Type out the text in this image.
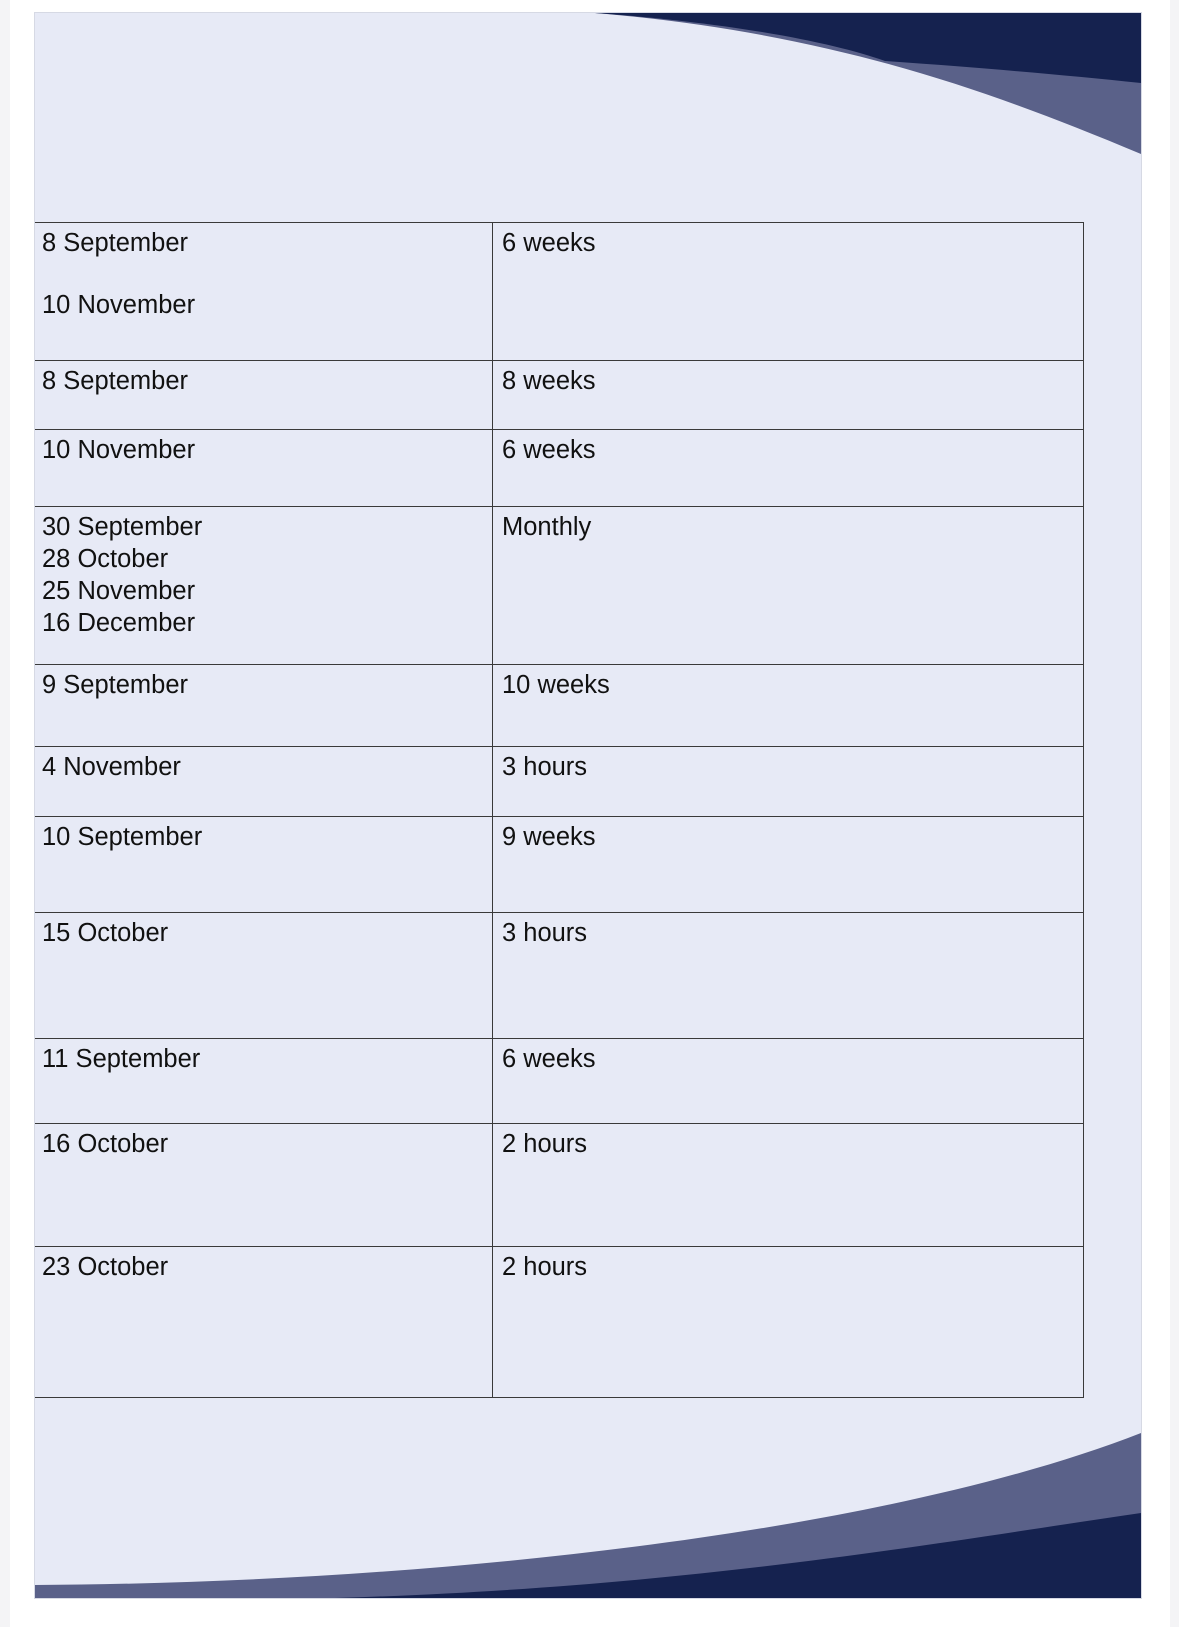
8 September
10 November	6 weeks

8 September	8 weeks

10 November	6 weeks

30 September
28 October
25 November
16 December	Monthly

9 September	10 weeks

4 November	3 hours

10 September	9 weeks

15 October	3 hours

11 September	6 weeks

16 October	2 hours

23 October	2 hours
